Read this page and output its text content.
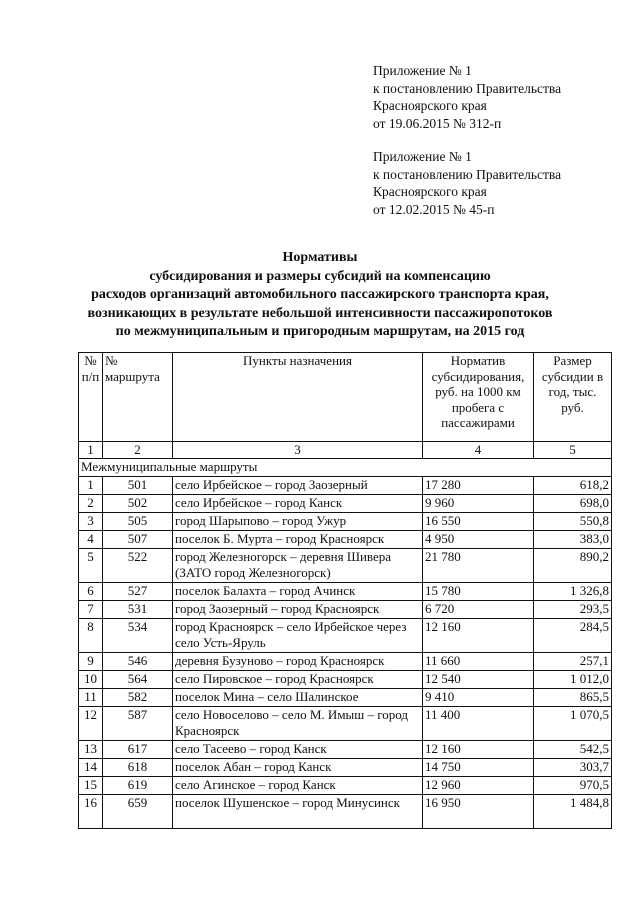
Приложение № 1
к постановлению Правительства
Красноярского края
от 19.06.2015 № 312-п
Приложение № 1
к постановлению Правительства
Красноярского края
от 12.02.2015 № 45-п
Нормативы
субсидирования и размеры субсидий на компенсацию
расходов организаций автомобильного пассажирского транспорта края,
возникающих в результате небольшой интенсивности пассажиропотоков
по межмуниципальным и пригородным маршрутам, на 2015 год
№ п/п	№ маршрута	Пункты назначения	Норматив субсидирования, руб. на 1000 км пробега с пассажирами	Размер субсидии в год, тыс. руб.
1	2	3	4	5
Межмуниципальные маршруты				
1	501	село Ирбейское – город Заозерный	17 280	618,2
2	502	село Ирбейское – город Канск	9 960	698,0
3	505	город Шарыпово – город Ужур	16 550	550,8
4	507	поселок Б. Мурта – город Красноярск	4 950	383,0
5	522	город Железногорск – деревня Шивера (ЗАТО город Железногорск)	21 780	890,2
6	527	поселок Балахта – город Ачинск	15 780	1 326,8
7	531	город Заозерный – город Красноярск	6 720	293,5
8	534	город Красноярск – село Ирбейское через село Усть-Яруль	12 160	284,5
9	546	деревня Бузуново – город Красноярск	11 660	257,1
10	564	село Пировское – город Красноярск	12 540	1 012,0
11	582	поселок Мина – село Шалинское	9 410	865,5
12	587	село Новоселово – село М. Имыш – город Красноярск	11 400	1 070,5
13	617	село Тасеево – город Канск	12 160	542,5
14	618	поселок Абан – город Канск	14 750	303,7
15	619	село Агинское – город Канск	12 960	970,5
16	659	поселок Шушенское – город Минусинск	16 950	1 484,8
